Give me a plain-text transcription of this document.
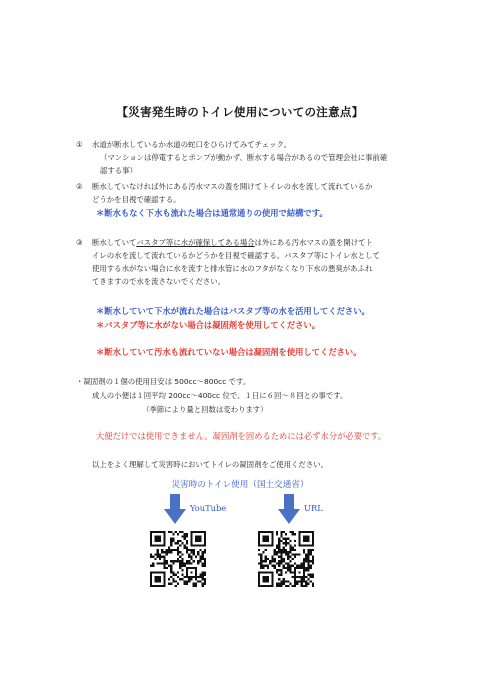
【災害発生時のトイレ使用についての注意点】
① 水道が断水しているか水道の蛇口をひらけてみてチェック。
（マンションは停電するとポンプが動かず、断水する場合があるので管理会社に事前確
認する事）
② 断水していなければ外にある汚水マスの蓋を開けてトイレの水を流して流れているか
どうかを目視で確認する。
＊断水もなく下水も流れた場合は通常通りの使用で結構です。
③ 断水していてバスタブ等に水が確保してある場合は外にある汚水マスの蓋を開けてト
イレの水を流して流れているかどうかを目視で確認する。バスタブ等にトイレ水として
使用する水がない場合に水を流すと排水管に水のフタがなくなり下水の悪臭があふれ
てきますので水を流さないでください。
＊断水していて下水が流れた場合はバスタブ等の水を活用してください。
＊バスタブ等に水がない場合は凝固剤を使用してください。
＊断水していて汚水も流れていない場合は凝固剤を使用してください。
・凝固剤の１個の使用目安は 500cc〜800cc です。
成人の小便は１回平均 200cc〜400cc 位で、１日に６回〜８回との事です。
（季節により量と回数は変わります）
大便だけでは使用できません。凝固剤を固めるためには必ず水分が必要です。
以上をよく理解して災害時においてトイレの凝固剤をご使用ください。
災害時のトイレ使用（国土交通省）
YouTube	URL
